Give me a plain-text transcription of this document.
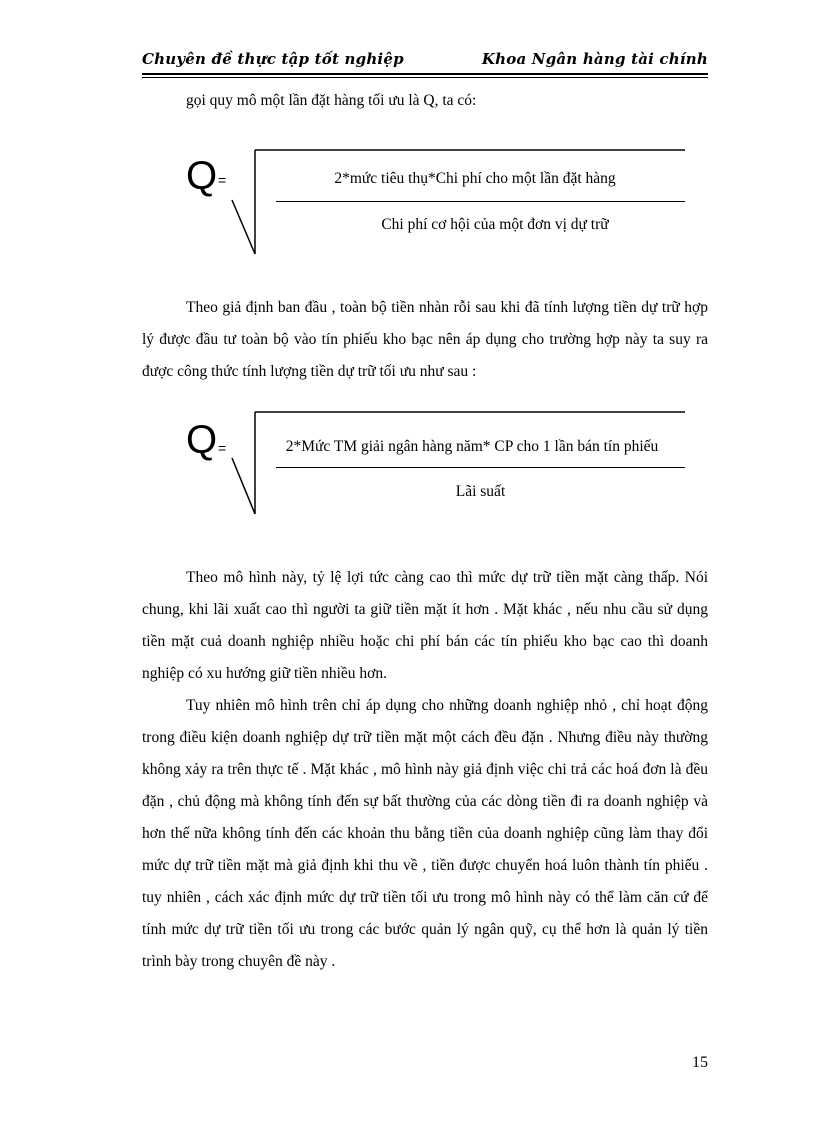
Chuyên đề thực tập tốt nghiệp	Khoa Ngân hàng tài chính
gọi quy mô một lần đặt hàng tối ưu là Q, ta có:
Q =	2*mức tiêu thụ*Chi phí cho một lần đặt hàng
Chi phí cơ hội của một đơn vị dự trữ
Theo giả định ban đầu , toàn bộ tiền nhàn rỗi sau khi đã tính lượng tiền dự trữ hợp lý được đầu tư toàn bộ vào tín phiếu kho bạc nên áp dụng cho trường hợp này ta suy ra được công thức tính lượng tiền dự trữ tối ưu như sau :
Q =	2*Mức TM giải ngân hàng năm* CP cho 1 lần bán tín phiếu
Lãi suất
Theo mô hình này, tỷ lệ lợi tức càng cao thì mức dự trữ tiền mặt càng thấp. Nói chung, khi lãi xuất cao thì người ta giữ tiền mặt ít hơn . Mặt khác , nếu nhu cầu sử dụng tiền mặt cuả doanh nghiệp nhiều hoặc chi phí bán các tín phiếu kho bạc cao thì doanh nghiệp có xu hướng giữ tiền nhiều hơn.
Tuy nhiên mô hình trên chỉ áp dụng cho những doanh nghiệp nhỏ , chỉ hoạt động trong điều kiện doanh nghiệp dự trữ tiền mặt một cách đều đặn . Nhưng điều này thường không xảy ra trên thực tế . Mặt khác , mô hình này giả định việc chi trả các hoá đơn là đều đặn , chủ động mà không tính đến sự bất thường của các dòng tiền đi ra doanh nghiệp và hơn thế nữa không tính đến các khoản thu bằng tiền của doanh nghiệp cũng làm thay đổi mức dự trữ tiền mặt mà giả định khi thu về , tiền được chuyển hoá luôn thành tín phiếu . tuy nhiên , cách xác định mức dự trữ tiền tối ưu trong mô hình này có thể làm căn cứ để tính mức dự trữ tiền tối ưu trong các bước quản lý ngân quỹ, cụ thể hơn là quản lý tiền trình bày trong chuyên đề này .
15
